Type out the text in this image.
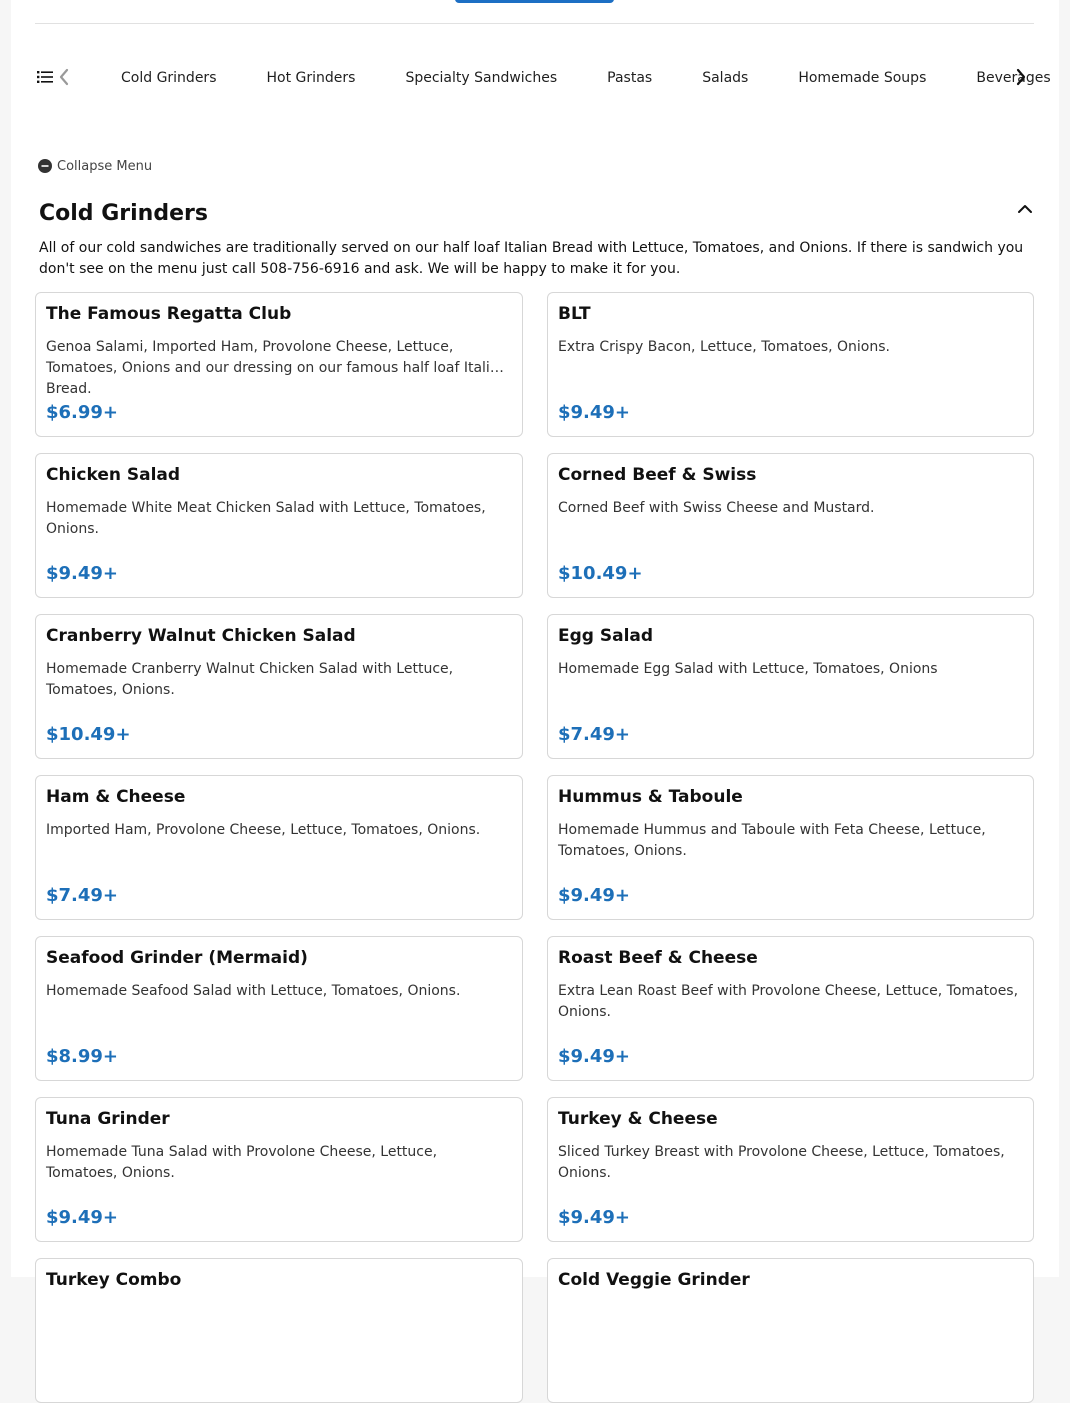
Cold Grinders	Hot Grinders	Specialty Sandwiches	Pastas	Salads	Homemade Soups	Beverages
Collapse Menu
Cold Grinders

All of our cold sandwiches are traditionally served on our half loaf Italian Bread with Lettuce, Tomatoes, and Onions. If there is sandwich you don't see on the menu just call 508-756-6916 and ask. We will be happy to make it for you.

The Famous Regatta Club
Genoa Salami, Imported Ham, Provolone Cheese, Lettuce, Tomatoes, Onions and our dressing on our famous half loaf Italian Bread.
$6.99+
BLT
Extra Crispy Bacon, Lettuce, Tomatoes, Onions.
$9.49+
Chicken Salad
Homemade White Meat Chicken Salad with Lettuce, Tomatoes, Onions.
$9.49+
Corned Beef & Swiss
Corned Beef with Swiss Cheese and Mustard.
$10.49+
Cranberry Walnut Chicken Salad
Homemade Cranberry Walnut Chicken Salad with Lettuce, Tomatoes, Onions.
$10.49+
Egg Salad
Homemade Egg Salad with Lettuce, Tomatoes, Onions
$7.49+
Ham & Cheese
Imported Ham, Provolone Cheese, Lettuce, Tomatoes, Onions.
$7.49+
Hummus & Taboule
Homemade Hummus and Taboule with Feta Cheese, Lettuce, Tomatoes, Onions.
$9.49+
Seafood Grinder (Mermaid)
Homemade Seafood Salad with Lettuce, Tomatoes, Onions.
$8.99+
Roast Beef & Cheese
Extra Lean Roast Beef with Provolone Cheese, Lettuce, Tomatoes, Onions.
$9.49+
Tuna Grinder
Homemade Tuna Salad with Provolone Cheese, Lettuce, Tomatoes, Onions.
$9.49+
Turkey & Cheese
Sliced Turkey Breast with Provolone Cheese, Lettuce, Tomatoes, Onions.
$9.49+
Turkey Combo	Cold Veggie Grinder
